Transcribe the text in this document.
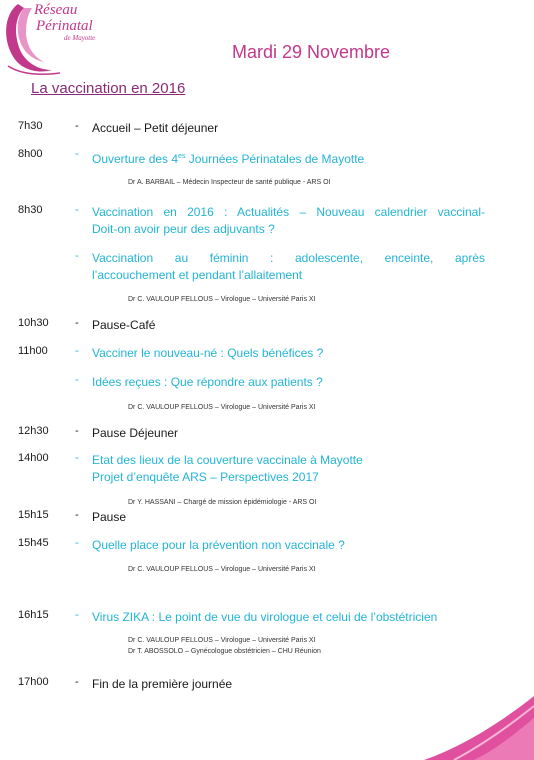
Réseau
Périnatal
de Mayotte
Mardi 29 Novembre
La vaccination en 2016
7h30	- Accueil – Petit déjeuner
8h00	- Ouverture des $4^{es}$ Journées Périnatales de Mayotte
Dr A. BARBAIL – Médecin Inspecteur de santé publique - ARS OI
8h30	- Vaccination en 2016 : Actualités – Nouveau calendrier vaccinal-
Doit-on avoir peur des adjuvants ?
- Vaccination au féminin : adolescente, enceinte, après
l’accouchement et pendant l’allaitement
Dr C. VAULOUP FELLOUS – Virologue – Université Paris XI
10h30 - Pause-Café
11h00 - Vacciner le nouveau-né : Quels bénéfices ?
- Idées reçues : Que répondre aux patients ?
Dr C. VAULOUP FELLOUS – Virologue – Université Paris XI
12h30 - Pause Déjeuner
14h00 - Etat des lieux de la couverture vaccinale à Mayotte
Projet d’enquête ARS – Perspectives 2017
Dr Y. HASSANI – Chargé de mission épidémiologie - ARS OI
15h15 - Pause
15h45 - Quelle place pour la prévention non vaccinale ?
Dr C. VAULOUP FELLOUS – Virologue – Université Paris XI
16h15 - Virus ZIKA : Le point de vue du virologue et celui de l’obstétricien
Dr C. VAULOUP FELLOUS – Virologue – Université Paris XI
Dr T. ABOSSOLO – Gynécologue obstétricien – CHU Réunion
17h00 - Fin de la première journée
